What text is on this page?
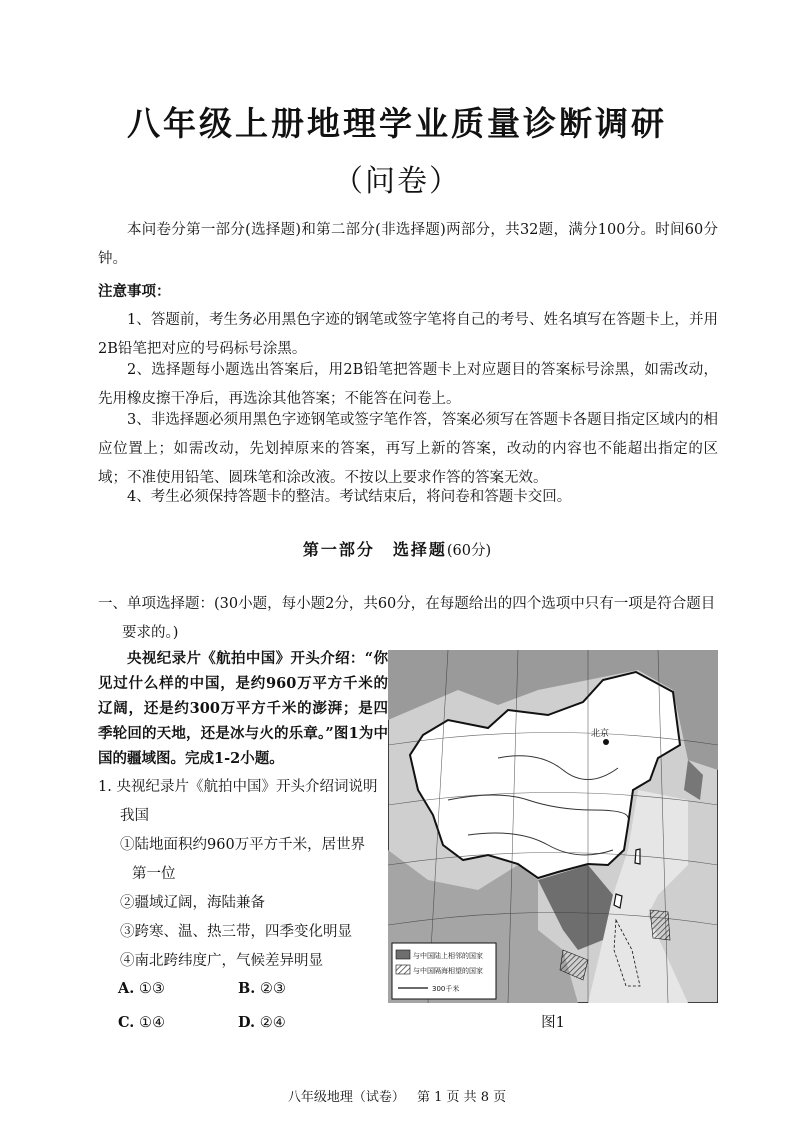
八年级上册地理学业质量诊断调研
（问卷）
本问卷分第一部分(选择题)和第二部分(非选择题)两部分，共32题，满分100分。时间60分钟。
注意事项：
1、答题前，考生务必用黑色字迹的钢笔或签字笔将自己的考号、姓名填写在答题卡上，并用2B铅笔把对应的号码标号涂黑。
2、选择题每小题选出答案后，用2B铅笔把答题卡上对应题目的答案标号涂黑，如需改动，先用橡皮擦干净后，再选涂其他答案；不能答在问卷上。
3、非选择题必须用黑色字迹钢笔或签字笔作答，答案必须写在答题卡各题目指定区域内的相应位置上；如需改动，先划掉原来的答案，再写上新的答案，改动的内容也不能超出指定的区域；不准使用铅笔、圆珠笔和涂改液。不按以上要求作答的答案无效。
4、考生必须保持答题卡的整洁。考试结束后，将问卷和答题卡交回。
第一部分　选择题(60分)
一、单项选择题：(30小题，每小题2分，共60分，在每题给出的四个选项中只有一项是符合题目
要求的。)
央视纪录片《航拍中国》开头介绍：“你见过什么样的中国，是约960万平方千米的辽阔，还是约300万平方千米的澎湃；是四季轮回的天地，还是冰与火的乐章。”图1为中国的疆域图。完成1-2小题。
1. 央视纪录片《航拍中国》开头介绍词说明
我国
①陆地面积约960万平方千米，居世界
第一位
②疆域辽阔，海陆兼备
③跨寒、温、热三带，四季变化明显
④南北跨纬度广，气候差异明显
A. ①③	B. ②③
C. ①④	D. ②④
北京
与中国陆上相邻的国家
与中国隔海相望的国家
300千米
图1
八年级地理（试卷） 第 1 页 共 8 页
